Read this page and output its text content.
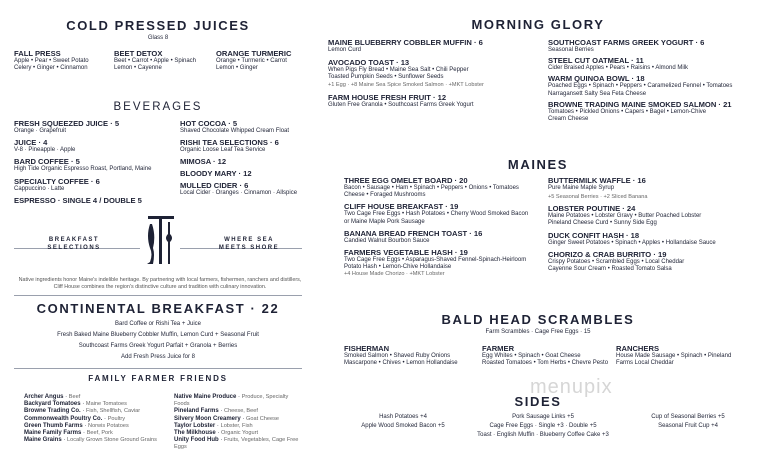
COLD PRESSED JUICES
Glass 8
FALL PRESS
Apple • Pear • Sweet Potato
Celery • Ginger • Cinnamon
BEET DETOX
Beet • Carrot • Apple • Spinach
Lemon • Cayenne
ORANGE TURMERIC
Orange • Turmeric • Carrot
Lemon • Ginger
BEVERAGES
FRESH SQUEEZED JUICE · 5
Orange · Grapefruit
JUICE · 4
V-8 · Pineapple · Apple
BARD COFFEE · 5
High Tide Organic Espresso Roast, Portland, Maine
SPECIALTY COFFEE · 6
Cappuccino · Latte
ESPRESSO · SINGLE 4 / DOUBLE 5
HOT COCOA · 5
Shaved Chocolate Whipped Cream Float
RISHI TEA SELECTIONS · 6
Organic Loose Leaf Tea Service
MIMOSA · 12
BLOODY MARY · 12
MULLED CIDER · 6
Local Cider · Oranges · Cinnamon · Allspice
BREAKFAST
SELECTIONS
WHERE SEA
MEETS SHORE
Native ingredients honor Maine's indelible heritage. By partnering with local farmers, fishermen, ranchers and distillers, Cliff House combines the region's distinctive culture and tradition with culinary innovation.
CONTINENTAL BREAKFAST · 22
Bard Coffee or Rishi Tea + Juice
Fresh Baked Maine Blueberry Cobbler Muffin, Lemon Curd + Seasonal Fruit
Southcoast Farms Greek Yogurt Parfait + Granola + Berries
Add Fresh Press Juice for 8
FAMILY FARMER FRIENDS
Archer Angus · Beef
Backyard Tomatoes · Maine Tomatoes
Browne Trading Co. · Fish, Shellfish, Caviar
Commonwealth Poultry Co. · Poultry
Green Thumb Farms · Norwis Potatoes
Maine Family Farms · Beef, Pork
Maine Grains · Locally Grown Stone Ground Grains
Native Maine Produce · Produce, Specialty Foods
Pineland Farms · Cheese, Beef
Silvery Moon Creamery · Goat Cheese
Taylor Lobster · Lobster, Fish
The Milkhouse · Organic Yogurt
Unity Food Hub · Fruits, Vegetables, Cage Free Eggs
MORNING GLORY
MAINE BLUEBERRY COBBLER MUFFIN · 6
Lemon Curd
AVOCADO TOAST · 13
When Pigs Fly Bread • Maine Sea Salt • Chili Pepper
Toasted Pumpkin Seeds • Sunflower Seeds
+1 Egg · +8 Maine Sea Spice Smoked Salmon · +MKT Lobster
FARM HOUSE FRESH FRUIT · 12
Gluten Free Granola • Southcoast Farms Greek Yogurt
SOUTHCOAST FARMS GREEK YOGURT · 6
Seasonal Berries
STEEL CUT OATMEAL · 11
Cider Braised Apples • Pears • Raisins • Almond Milk
WARM QUINOA BOWL · 18
Poached Eggs • Spinach • Peppers • Caramelized Fennel • Tomatoes
Narragansett Salty Sea Feta Cheese
BROWNE TRADING MAINE SMOKED SALMON · 21
Tomatoes • Pickled Onions • Capers • Bagel • Lemon-Chive
Cream Cheese
MAINES
THREE EGG OMELET BOARD · 20
Bacon • Sausage • Ham • Spinach • Peppers • Onions • Tomatoes
Cheese • Foraged Mushrooms
CLIFF HOUSE BREAKFAST · 19
Two Cage Free Eggs • Hash Potatoes • Cherry Wood Smoked Bacon
or Maine Maple Pork Sausage
BANANA BREAD FRENCH TOAST · 16
Candied Walnut Bourbon Sauce
FARMERS VEGETABLE HASH · 19
Two Cage Free Eggs • Asparagus-Shaved Fennel-Spinach-Heirloom
Potato Hash • Lemon-Chive Hollandaise
+4 House Made Chorizo · +MKT Lobster
BUTTERMILK WAFFLE · 16
Pure Maine Maple Syrup
+5 Seasonal Berries · +2 Sliced Banana
LOBSTER POUTINE · 24
Maine Potatoes • Lobster Gravy • Butter Poached Lobster
Pineland Cheese Curd • Sunny Side Egg
DUCK CONFIT HASH · 18
Ginger Sweet Potatoes • Spinach • Apples • Hollandaise Sauce
CHORIZO & CRAB BURRITO · 19
Crispy Potatoes • Scrambled Eggs • Local Cheddar
Cayenne Sour Cream • Roasted Tomato Salsa
BALD HEAD SCRAMBLES
Farm Scrambles · Cage Free Eggs · 15
FISHERMAN
Smoked Salmon • Shaved Ruby Onions
Mascarpone • Chives • Lemon Hollandaise
FARMER
Egg Whites • Spinach • Goat Cheese
Roasted Tomatoes • Tom Herbs • Chevre Pesto
RANCHERS
House Made Sausage • Spinach • Pineland
Farms Local Cheddar
SIDES
Hash Potatoes +4
Apple Wood Smoked Bacon +5
Pork Sausage Links +5
Cage Free Eggs · Single +3 · Double +5
Toast · English Muffin · Blueberry Coffee Cake +3
Cup of Seasonal Berries +5
Seasonal Fruit Cup +4
menupix
